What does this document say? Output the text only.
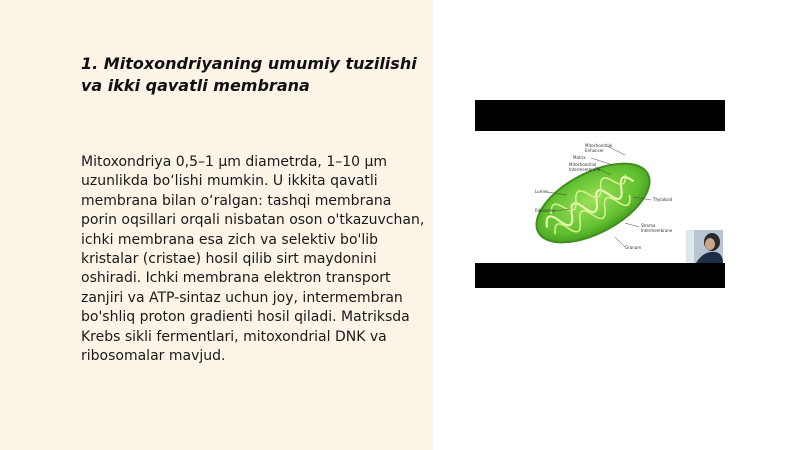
1. Mitoxondriyaning umumiy tuzilishi va ikki qavatli membrana

Mitoxondriya 0,5–1 µm diametrda, 1–10 µm uzunlikda bo‘lishi mumkin. U ikkita qavatli membrana bilan o‘ralgan: tashqi membrana porin oqsillari orqali nisbatan oson o'tkazuvchan, ichki membrana esa zich va selektiv bo'lib kristalar (cristae) hosil qilib sirt maydonini oshiradi. Ichki membrana elektron transport zanjiri va ATP-sintaz uchun joy, intermembran bo'shliq proton gradienti hosil qiladi. Matriksda Krebs sikli fermentlari, mitoxondrial DNK va ribosomalar mavjud.

Mitochondrial
Enhancer
Matrix
Mitochondrial
Intermembrane
Lumen
Ribosome
Thylakoid
Stroma
Intermembrane
Granum
